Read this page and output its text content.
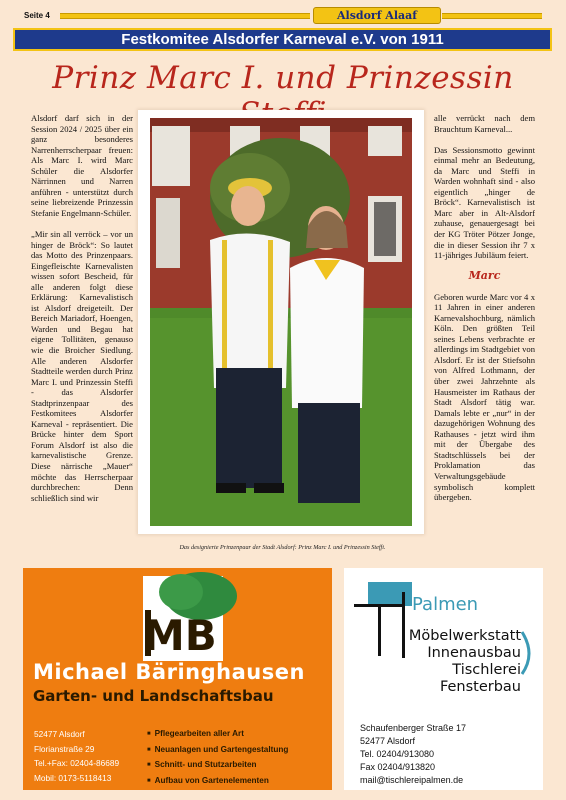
Seite 4	Alsdorf Alaaf
Festkomitee Alsdorfer Karneval e.V. von 1911
Prinz Marc I. und Prinzessin

Alsdorf darf sich in der Session 2024 / 2025 über ein ganz besonderes Narrenherrscherpaar freuen: Als Marc I. wird Marc Schüler die Alsdorfer Närrinnen und Narren anführen - unterstützt durch seine liebreizende Prinzessin Stefanie Engelmann-Schüler.

„Mir sin all verröck – vor un hinger de Bröck“: So lautet das Motto des Prinzenpaars. Eingefleischte Karnevalisten wissen sofort Bescheid, für alle anderen folgt diese Erklärung: Karnevalistisch ist Alsdorf dreigeteilt. Der Bereich Mariadorf, Hoengen, Warden und Begau hat eigene Tollitäten, genauso wie die Broicher Siedlung. Alle anderen Alsdorfer Stadtteile werden durch Prinz Marc I. und Prinzessin Steffi - das Alsdorfer Stadtprinzenpaar des Festkomitees Alsdorfer Karneval - repräsentiert. Die Brücke hinter dem Sport Forum Alsdorf ist also die karnevalistische Grenze. Diese närrische „Mauer“ möchte das Herrscherpaar durchbrechen: Denn schließlich sind wir

Das designierte Prinzenpaar der Stadt Alsdorf: Prinz Marc I. und Prinzessin Steffi.

alle verrückt nach dem Brauchtum Karneval...

Das Sessionsmotto gewinnt einmal mehr an Bedeutung, da Marc und Steffi in Warden wohnhaft sind - also eigentlich „hinger de Bröck“. Karnevalistisch ist Marc aber in Alt-Alsdorf zuhause, genauergesagt bei der KG Tröter Pötzer Jonge, die in dieser Session ihr 7 x 11-jähriges Jubiläum feiert.

Marc

Geboren wurde Marc vor 4 x 11 Jahren in einer anderen Karnevalshochburg, nämlich Köln. Den größten Teil seines Lebens verbrachte er allerdings im Stadtgebiet von Alsdorf. Er ist der Stiefsohn von Alfred Lothmann, der über zwei Jahrzehnte als Hausmeister im Rathaus der Stadt Alsdorf tätig war. Damals lebte er „nur“ in der dazugehörigen Wohnung des Rathauses - jetzt wird ihm mit der Übergabe des Stadtschlüssels bei der Proklamation das Verwaltungsgebäude symbolisch komplett übergeben.

MB
Michael Bäringhausen
Garten- und Landschaftsbau
52477 Alsdorf
Florianstraße 29
Tel.+Fax: 02404-86689
Mobil: 0173-5118413
■ Pflegearbeiten aller Art
■ Neuanlagen und Gartengestaltung
■ Schnitt- und Stutzarbeiten
■ Aufbau von Gartenelementen
Palmen
Möbelwerkstatt
Innenausbau
Tischlerei
Fensterbau
Schaufenberger Straße 17
52477 Alsdorf
Tel. 02404/913080
Fax 02404/913820
mail@tischlereipalmen.de
